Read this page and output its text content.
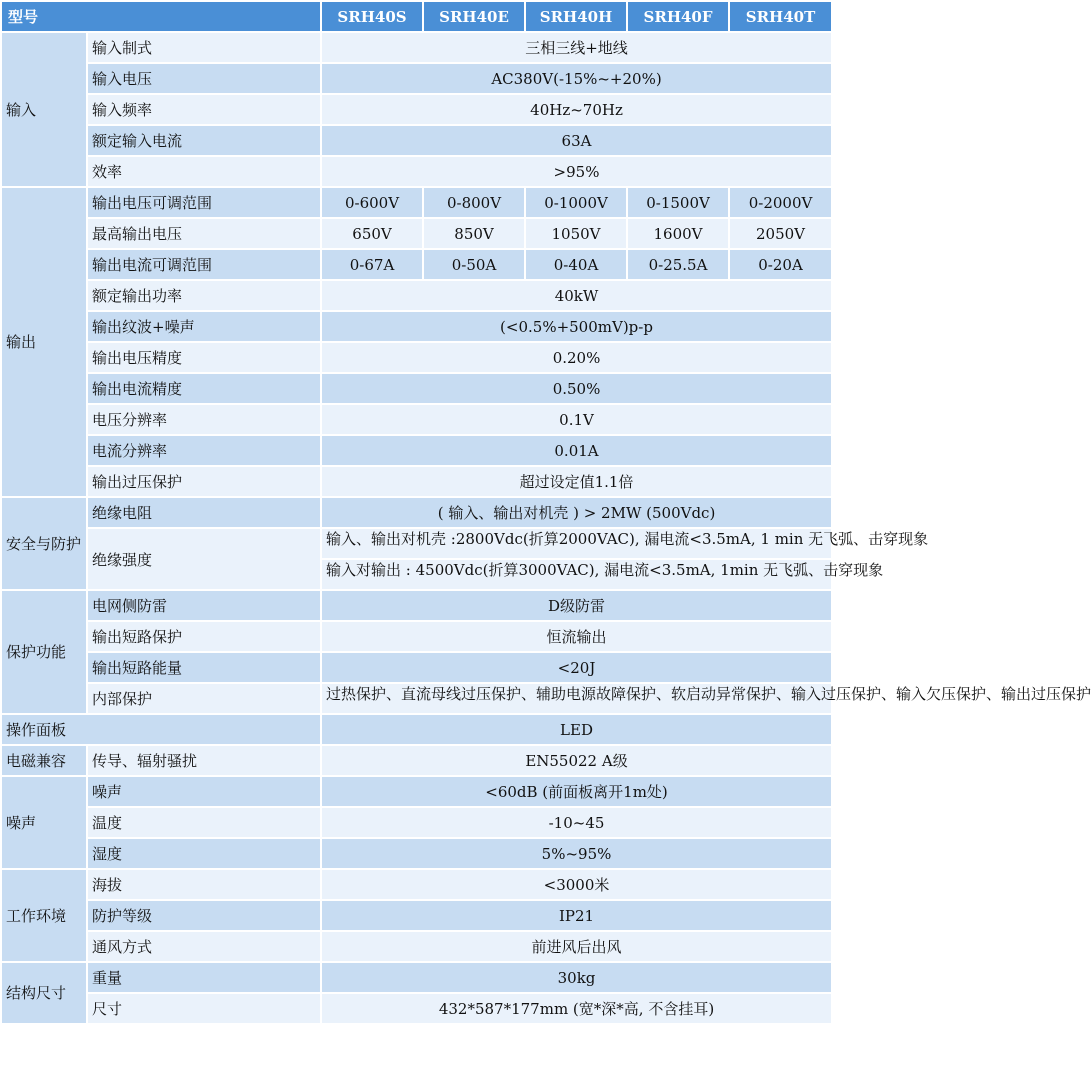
型号		SRH40S	SRH40E	SRH40H	SRH40F	SRH40T
输入	输入制式	三相三线+地线				
	输入电压	AC380V(-15%~+20%)				
	输入频率	40Hz~70Hz				
	额定输入电流	63A				
	效率	>95%				
输出	输出电压可调范围	0-600V	0-800V	0-1000V	0-1500V	0-2000V
	最高输出电压	650V	850V	1050V	1600V	2050V
	输出电流可调范围	0-67A	0-50A	0-40A	0-25.5A	0-20A
	额定输出功率	40kW				
	输出纹波+噪声	(<0.5%+500mV)p-p				
	输出电压精度	0.20%				
	输出电流精度	0.50%				
	电压分辨率	0.1V				
	电流分辨率	0.01A				
	输出过压保护	超过设定值1.1倍				
安全与防护	绝缘电阻	( 输入、输出对机壳 ) > 2MW (500Vdc)				
	绝缘强度	输入、输出对机壳 :2800Vdc(折算2000VAC), 漏电流<3.5mA, 1 min 无飞弧、击穿现象				

		输入对输出 : 4500Vdc(折算3000VAC), 漏电流<3.5mA, 1min 无飞弧、击穿现象				

保护功能	电网侧防雷	D级防雷				
	输出短路保护	恒流输出				
	输出短路能量	<20J				
	内部保护	过热保护、直流母线过压保护、辅助电源故障保护、软启动异常保护、输入过压保护、输入欠压保护、输出过压保护				

操作面板		LED				
电磁兼容	传导、辐射骚扰	EN55022 A级				
噪声	噪声	<60dB (前面板离开1m处)				
	温度	-10~45				
	湿度	5%~95%				
工作环境	海拔	<3000米				
	防护等级	IP21				
	通风方式	前进风后出风				
结构尺寸	重量	30kg				
	尺寸	432*587*177mm (宽*深*高, 不含挂耳)				
